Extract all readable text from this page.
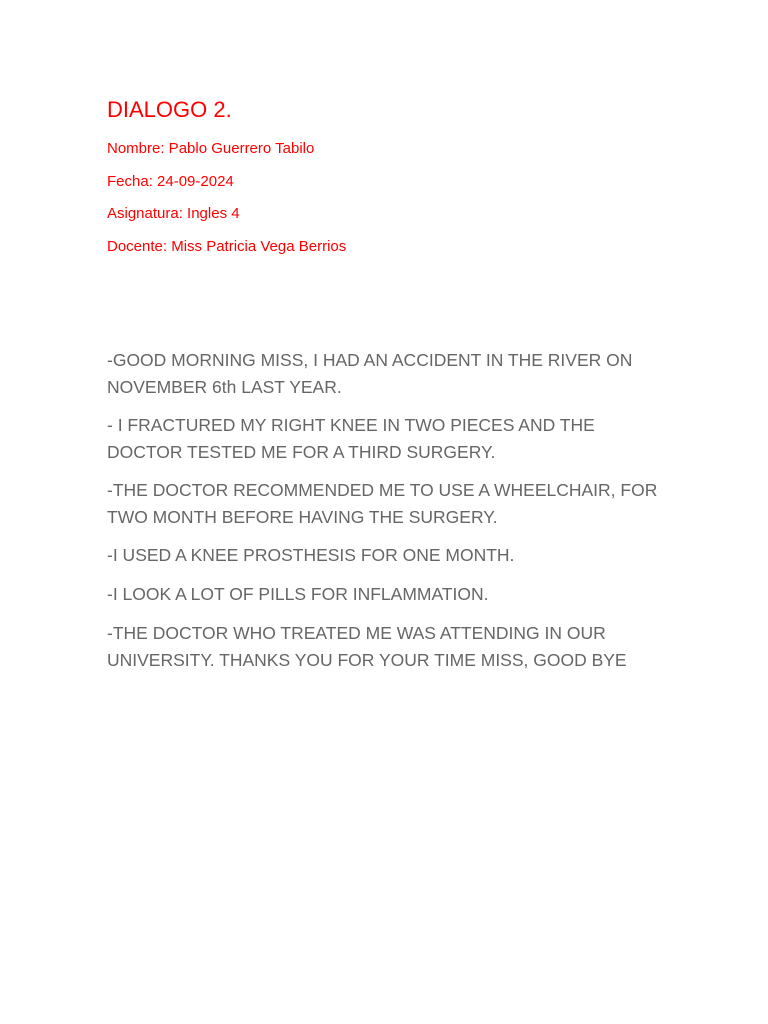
DIALOGO 2.
Nombre: Pablo Guerrero Tabilo
Fecha: 24-09-2024
Asignatura: Ingles 4
Docente: Miss Patricia Vega Berrios

-GOOD MORNING MISS, I HAD AN ACCIDENT IN THE RIVER ON NOVEMBER 6th LAST YEAR.

- I FRACTURED MY RIGHT KNEE IN TWO PIECES AND THE DOCTOR TESTED ME FOR A THIRD SURGERY.

-THE DOCTOR RECOMMENDED ME TO USE A WHEELCHAIR, FOR TWO MONTH BEFORE HAVING THE SURGERY.

-I USED A KNEE PROSTHESIS FOR ONE MONTH.

-I LOOK A LOT OF PILLS FOR INFLAMMATION.

-THE DOCTOR WHO TREATED ME WAS ATTENDING IN OUR UNIVERSITY. THANKS YOU FOR YOUR TIME MISS, GOOD BYE
